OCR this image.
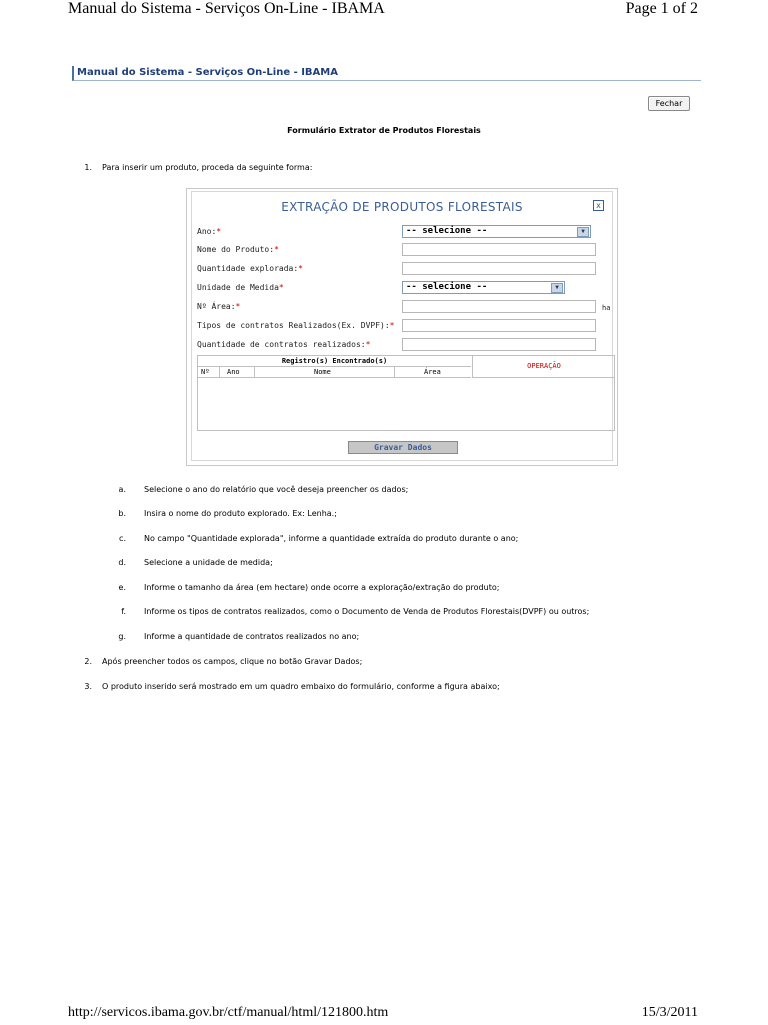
Manual do Sistema - Serviços On-Line - IBAMA	Page 1 of 2
Manual do Sistema - Serviços On-Line - IBAMA
Fechar
Formulário Extrator de Produtos Florestais
1. Para inserir um produto, proceda da seguinte forma:
EXTRAÇÃO DE PRODUTOS FLORESTAIS	x
Ano:*	-- selecione --	▼
Nome do Produto:*
Quantidade explorada:*
Unidade de Medida*	-- selecione --	▼
Nº Área:*	ha
Tipos de contratos Realizados(Ex. DVPF):*
Quantidade de contratos realizados:*
Registro(s) Encontrado(s)
OPERAÇÃO
Nº	Ano	Nome	Área
Gravar Dados
a. Selecione o ano do relatório que você deseja preencher os dados;
b. Insira o nome do produto explorado. Ex: Lenha.;
c. No campo "Quantidade explorada", informe a quantidade extraída do produto durante o ano;
d. Selecione a unidade de medida;
e. Informe o tamanho da área (em hectare) onde ocorre a exploração/extração do produto;
f. Informe os tipos de contratos realizados, como o Documento de Venda de Produtos Florestais(DVPF) ou outros;
g. Informe a quantidade de contratos realizados no ano;
2. Após preencher todos os campos, clique no botão Gravar Dados;
3. O produto inserido será mostrado em um quadro embaixo do formulário, conforme a figura abaixo;
http://servicos.ibama.gov.br/ctf/manual/html/121800.htm	15/3/2011
